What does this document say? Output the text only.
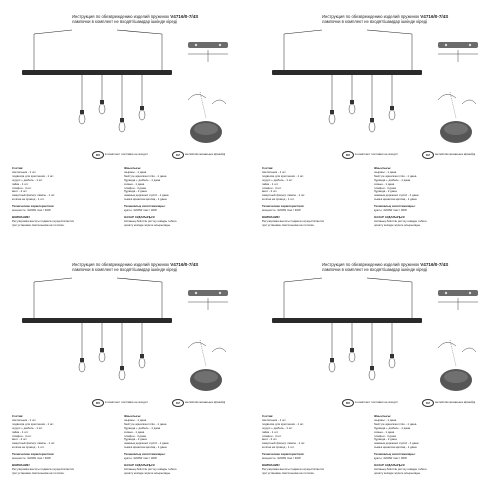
Инструкция по обезвреждению изделий пружинок V4716/0-7/4S
лампочки в комплект не входят/шамдар ішкінде кіреді
RU	в комплект поставки не входят	KZ	жеткізілім жинағына кірмейді
Состав:
светильник - 1 шт.
подвеска для крепления - 1 шт.
шуруп + дюбель - 1 шт.
гайка - 1 шт.
плафон - 4 шт.
винт - 2 шт.
защитный фильтр лампы - 1 шт.
колпак на провод - 1 шт.
Технические характеристики:
мощность: 4x60W max / 40W
ВНИМАНИЕ!
Регулировка высоты подвеса осуществляется
при установке светильника на потолке.
Жиынтығы:
шырағы - 1 дана
бекітуге арналған ілгіш - 1 дана
бұранда + дюбель - 1 дана
сомын - 1 дана
плафон - 4 дана
бұранда - 2 дана
шамның қорғаныс сүзгісі - 1 дана
сымға арналған қалпақ - 1 дана
Техникалық сипаттамалары:
қуаты: 4x60W max / 40W
НАЗАР АУДАРЫҢЫЗ!
Аспаның биіктігін реттеу шамды төбеге
орнату кезінде жүзеге асырылады.
Инструкция по обезвреждению изделий пружинок V4716/0-7/4S
лампочки в комплект не входят/шамдар ішкінде кіреді
RU	в комплект поставки не входят	KZ	жеткізілім жинағына кірмейді
Состав:
светильник - 1 шт.
подвеска для крепления - 1 шт.
шуруп + дюбель - 1 шт.
гайка - 1 шт.
плафон - 4 шт.
винт - 2 шт.
защитный фильтр лампы - 1 шт.
колпак на провод - 1 шт.
Технические характеристики:
мощность: 4x60W max / 40W
ВНИМАНИЕ!
Регулировка высоты подвеса осуществляется
при установке светильника на потолке.
Жиынтығы:
шырағы - 1 дана
бекітуге арналған ілгіш - 1 дана
бұранда + дюбель - 1 дана
сомын - 1 дана
плафон - 4 дана
бұранда - 2 дана
шамның қорғаныс сүзгісі - 1 дана
сымға арналған қалпақ - 1 дана
Техникалық сипаттамалары:
қуаты: 4x60W max / 40W
НАЗАР АУДАРЫҢЫЗ!
Аспаның биіктігін реттеу шамды төбеге
орнату кезінде жүзеге асырылады.
Инструкция по обезвреждению изделий пружинок V4716/0-7/4S
лампочки в комплект не входят/шамдар ішкінде кіреді
RU	в комплект поставки не входят	KZ	жеткізілім жинағына кірмейді
Состав:
светильник - 1 шт.
подвеска для крепления - 1 шт.
шуруп + дюбель - 1 шт.
гайка - 1 шт.
плафон - 4 шт.
винт - 2 шт.
защитный фильтр лампы - 1 шт.
колпак на провод - 1 шт.
Технические характеристики:
мощность: 4x60W max / 40W
ВНИМАНИЕ!
Регулировка высоты подвеса осуществляется
при установке светильника на потолке.
Жиынтығы:
шырағы - 1 дана
бекітуге арналған ілгіш - 1 дана
бұранда + дюбель - 1 дана
сомын - 1 дана
плафон - 4 дана
бұранда - 2 дана
шамның қорғаныс сүзгісі - 1 дана
сымға арналған қалпақ - 1 дана
Техникалық сипаттамалары:
қуаты: 4x60W max / 40W
НАЗАР АУДАРЫҢЫЗ!
Аспаның биіктігін реттеу шамды төбеге
орнату кезінде жүзеге асырылады.
Инструкция по обезвреждению изделий пружинок V4716/0-7/4S
лампочки в комплект не входят/шамдар ішкінде кіреді
RU	в комплект поставки не входят	KZ	жеткізілім жинағына кірмейді
Состав:
светильник - 1 шт.
подвеска для крепления - 1 шт.
шуруп + дюбель - 1 шт.
гайка - 1 шт.
плафон - 4 шт.
винт - 2 шт.
защитный фильтр лампы - 1 шт.
колпак на провод - 1 шт.
Технические характеристики:
мощность: 4x60W max / 40W
ВНИМАНИЕ!
Регулировка высоты подвеса осуществляется
при установке светильника на потолке.
Жиынтығы:
шырағы - 1 дана
бекітуге арналған ілгіш - 1 дана
бұранда + дюбель - 1 дана
сомын - 1 дана
плафон - 4 дана
бұранда - 2 дана
шамның қорғаныс сүзгісі - 1 дана
сымға арналған қалпақ - 1 дана
Техникалық сипаттамалары:
қуаты: 4x60W max / 40W
НАЗАР АУДАРЫҢЫЗ!
Аспаның биіктігін реттеу шамды төбеге
орнату кезінде жүзеге асырылады.
